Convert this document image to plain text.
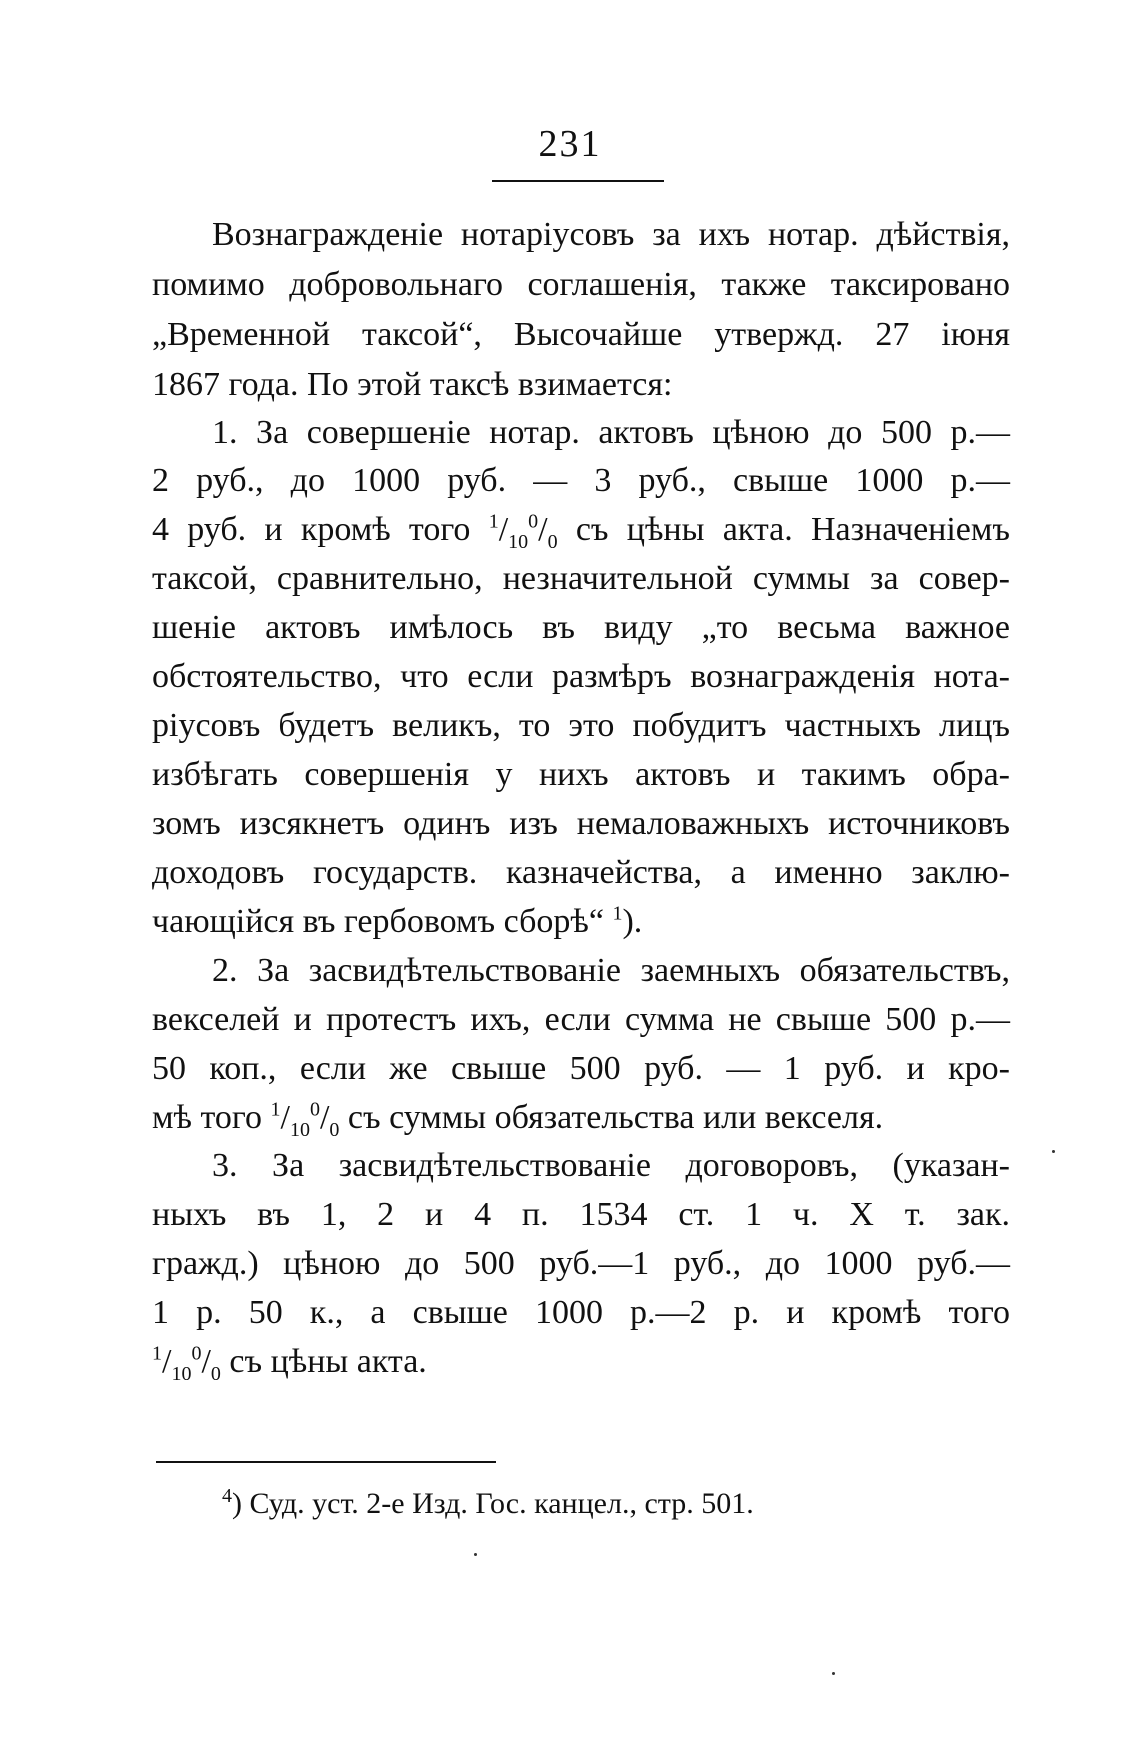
231
Вознагражденіе нотаріусовъ за ихъ нотар. дѣйствія,
помимо добровольнаго соглашенія, также таксировано
„Временной таксой“, Высочайше утвержд. 27 іюня
1867 года. По этой таксѣ взимается:
1. За совершеніе нотар. актовъ цѣною до 500 р.—
2 руб., до 1000 руб. — 3 руб., свыше 1000 р.—
4 руб. и кромѣ того $^1/_{10}^0/_0$ съ цѣны акта. Назначеніемъ
таксой, сравнительно, незначительной суммы за совер-
шеніе актовъ имѣлось въ виду „то весьма важное
обстоятельство, что если размѣръ вознагражденія нота-
ріусовъ будетъ великъ, то это побудитъ частныхъ лицъ
избѣгать совершенія у нихъ актовъ и такимъ обра-
зомъ изсякнетъ одинъ изъ немаловажныхъ источниковъ
доходовъ государств. казначейства, а именно заклю-
чающійся въ гербовомъ сборѣ“ $^1$).
2. За засвидѣтельствованіе заемныхъ обязательствъ,
векселей и протестъ ихъ, если сумма не свыше 500 р.—
50 коп., если же свыше 500 руб. — 1 руб. и кро-
мѣ того $^1/_{10}^0/_0$ съ суммы обязательства или векселя.
3. За засвидѣтельствованіе договоровъ, (указан-
ныхъ въ 1, 2 и 4 п. 1534 ст. 1 ч. X т. зак.
гражд.) цѣною до 500 руб.—1 руб., до 1000 руб.—
1 р. 50 к., а свыше 1000 р.—2 р. и кромѣ того
$^1/_{10}^0/_0$ съ цѣны акта.
$^4$) Суд. уст. 2-е Изд. Гос. канцел., стр. 501.
